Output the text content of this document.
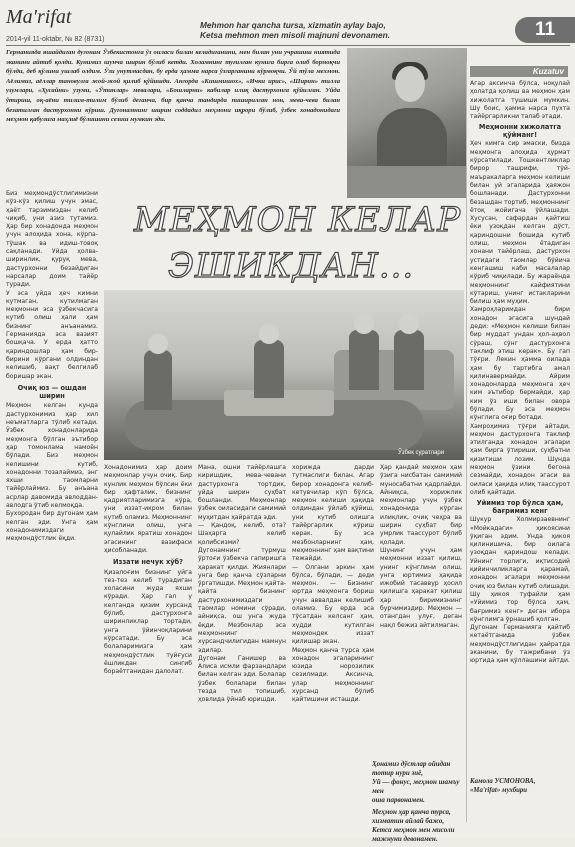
Ma'rifat
2014-yil 11-oktabr, № 82 (8731)
Mehmon har qancha tursa, xizmatin aylay bajo,
Ketsa mehmon men misoli majnuni devonamen.	11
Германияда яшайдиган дугонам Ўзбекистонга ўз оиласи билан келадиганини, мен билан уни учрашиш ниятида эканини айтиб қолди. Кунимиз шунча ширин бўлиб кетди. Холамнинг туғилган кунига бирга олиб бормоқчи бўлди, деб қўлини ушлаб олдим. Ўзи унутмасдан, бу ерда ҳамма нарса ўзгарганини кўрмоқчи. Ўй тўла мехмон. Аёлимиз, аёллар тановулга жой-жой қилиб қўйишди. Ангорда «Кишмишох», «Ички ирис», «Ширин» тилла узумлари, «Ҳусайни» узуми, «Ўтинлар» мевалари, «Бошларни» кабилар илиқ дастурхонга қўйилган. Уйда ўтириш, оқ-аёни тилим-тилим бўлиб деганча, бир қанча тандирда пиширилган нон, мева-чева билан безатилган дастурхонни кўриш. Дугонамнинг ширин соддадил меҳмони иқрори бўлиб, ўзбек хонадонидаги меҳмон қабулига маҳлиё бўлишини сезиш мумкин эди.
Kuzatuv

Агар аксинча бўлса, ноқулай ҳолатда қолиш ва меҳмон ҳам хижолатга тушиши мумкин. Шу боис, ҳамма нарса пухта тайёргарликни талаб этади.

Меҳмонни хижолатга қўйманг!

Ҳеч кимга сир эмаски, бизда меҳмонга алоҳида ҳурмат кўрсатилади. Тошкентликлар бирор ташрифи, тўй-маъракаларга меҳмон келиши билан уй эгаларида ҳаяжон бошланади. Дастурхонни безашдан тортиб, меҳмоннинг ётоқ жойигача ўйлашади. Хусусан, сафардан қайтиш ёки узоқдан келган дўст, қариндошни бошида кутиб олиш, меҳмон ётадиган хонани тайёрлаш, дастурхон устидаги таомлар бўйича кенгашиш каби масалалар кўриб чиқилади. Бу жараёнда меҳмоннинг кайфиятини кўтариш, унинг истакларини билиш ҳам муҳим.

Хамроҳларимдан бири хонадон эгасига шундай деди: «Меҳмон келиши билан бир муддат ундан ҳол-аҳвол сўраш, сўнг дастурхонга таклиф этиш керак». Бу гап тўғри. Лекин ҳамма оилада ҳам бу тартибга амал қилинавермайди. Айрим хонадонларда меҳмонга ҳеч ким эътибор бермайди, ҳар ким ўз иши билан овора бўлади. Бу эса меҳмон кўнглига оғир ботади.

Хамроҳимиз тўғри айтади, меҳмон дастурхонга таклиф этилганда хонадон эгалари ҳам бирга ўтириши, суҳбатни қизитиши лозим. Шунда меҳмон ўзини бегона сезмайди, хонадон эгаси ва оиласи ҳақида илиқ таассурот олиб қайтади.

Уйимиз тор бўлса ҳам, бағримиз кенг

Шукур Холмирзаевнинг «Мойкадаги» ҳикоясини ўқиган эдим. Унда ҳикоя қилинишича, бир оилага узоқдан қариндош келади. Уйнинг торлиги, иқтисодий қийинчиликларга қарамай, хонадон эгалари меҳмонни очиқ юз билан кутиб олишади. Шу ҳикоя туфайли ҳам «Уйимиз тор бўлса ҳам, бағримиз кенг» деган ибора кўнглимга ўрнашиб қолган.

Дугонам Германияга қайтиб кетаётганида ўзбек меҳмондўстлигидан ҳайратда эканини, бу тажрибани ўз юртида ҳам қўллашини айтди.

Биз меҳмондўстлигимизни кўз-кўз қилиш учун эмас, ҳаёт тарзимиздан келиб чиқиб, уни азиз тутамиз. Ҳар бир хонадонда меҳмон учун алоҳида хона, кўрпа-тўшак ва идиш-товоқ сақланади. Уйда ҳолва-ширинлик, қуруқ мева, дастурхонни безайдиган нарсалар доим тайёр туради.

У эса уйда ҳеч кимни кутмаган, кутилмаган меҳмонни эса ўзбекчасига кутиб олиш ҳали ҳам бизнинг анъанамиз. Германияда эса вазият бошқача. У ерда ҳатто қариндошлар ҳам бир-бирини кўргани олдиндан келишиб, вақт белгилаб боришар экан.

Очиқ юз — ошдан ширин

Меҳмон келган кунда дастурхонимиз ҳар хил неъматларга тўлиб кетади. Ўзбек хонадонларида меҳмонга бўлган эътибор ҳар томонлама намоён бўлади. Биз меҳмон келишини кутиб, хонадонни тозалаймиз, энг яхши таомларни тайёрлаймиз. Бу анъана асрлар давомида авлоддан-авлодга ўтиб келмоқда.

Бухородан бир дугонам ҳам келган эди. Унга ҳам хонадонимиздаги меҳмондўстлик ёқди.

МЕҲМОН КЕЛАР
ЭШИКДАН...
Ўзбек суратлари

Хонадонимиз ҳар доим меҳмонлар учун очиқ. Бир кунлик меҳмон бўлсин ёки бир ҳафталик, бизнинг қадриятларимизга кўра, уни иззат-икром билан кутиб оламиз. Меҳмоннинг кўнглини олиш, унга қулайлик яратиш хонадон эгасининг вазифаси ҳисобланади.

Иззати нечук хўб?

Қизалоғим бизнинг уйга тез-тез келиб турадиган холасини жуда яхши кўради. Ҳар гал у келганда қизим хурсанд бўлиб, дастурхонга ширинликлар тортади, унга ўйинчоқларини кўрсатади. Бу эса болаларимизга ҳам меҳмондўстлик туйғуси ёшликдан сингиб бораётганидан далолат.

Мана, ошни тайёрлашга киришдик, мева-чевани дастурхонга тортдик, уйда ширин суҳбат бошланди. Меҳмонлар ўзбек оиласидаги самимий муҳитдан ҳайратда эди.

— Қандоқ, келиб, ота? Шаҳарга келиб қолибсизми?

Дугонамнинг турмуш ўртоғи ўзбекча гапиришга ҳаракат қилди. Жиянлари унга бир қанча сўзларни ўргатишди. Меҳмон қайта-қайта бизнинг дастурхонимиздаги таомлар номини сўради, айниқса, ош унга жуда ёқди. Мезбонлар эса меҳмоннинг хурсандчилигидан мамнун эдилар.

Дугонам Ганишер ва Алиса исмли фарзандлари билан келган эди. Болалар ўзбек болалари билан тезда тил топишиб, ҳовлида ўйнаб юришди.

хорижда дарди тутмаслиги билан. Агар бирор хонадонга келиб-кетувчилар кўп бўлса, меҳмон келиши ҳақида олдиндан ўйлаб қўйиш, уни кутиб олишга тайёргарлик кўриш керак. Бу эса мезбонларнинг ҳам, меҳмоннинг ҳам вақтини тежайди.

— Олгани эркин ҳам бўлса, бўлади, — деди меҳмон. — Бизнинг юртда меҳмонга бориш учун аввалдан келишиб оламиз. Бу ерда эса тўсатдан келсанг ҳам, худди кутилган меҳмондек иззат қилишар экан.

Меҳмон қанча турса ҳам хонадон эгаларининг юзида норозилик сезилмади. Аксинча, улар меҳмоннинг хурсанд бўлиб қайтишини исташди.

Ҳар қандай меҳмон ҳам ўзига нисбатан самимий муносабатни қадрлайди. Айниқса, хорижлик меҳмонлар учун ўзбек хонадонида кўрган илиқлик, очиқ чеҳра ва ширин суҳбат бир умрлик таассурот бўлиб қолади.

Шунинг учун ҳам меҳмонни иззат қилиш, унинг кўнглини олиш, унга юртимиз ҳақида ижобий тасаввур ҳосил қилишга ҳаракат қилиш ҳар биримизнинг бурчимиздир. Меҳмон — отангдан улуғ, деган нақл бежиз айтилмаган.

Ҳонамиз дўстлар ойидан тотир нури зиё,
Уй — фонус, меҳмон шамъу мен
оша парвонамен.

Меҳмон ҳар қанча турса, хизматин айлай бажо,
Кетса меҳмон мен мисоли мажнуни девонамен.

Камола УСМОНОВА,
«Ma'rifat» мухбири
